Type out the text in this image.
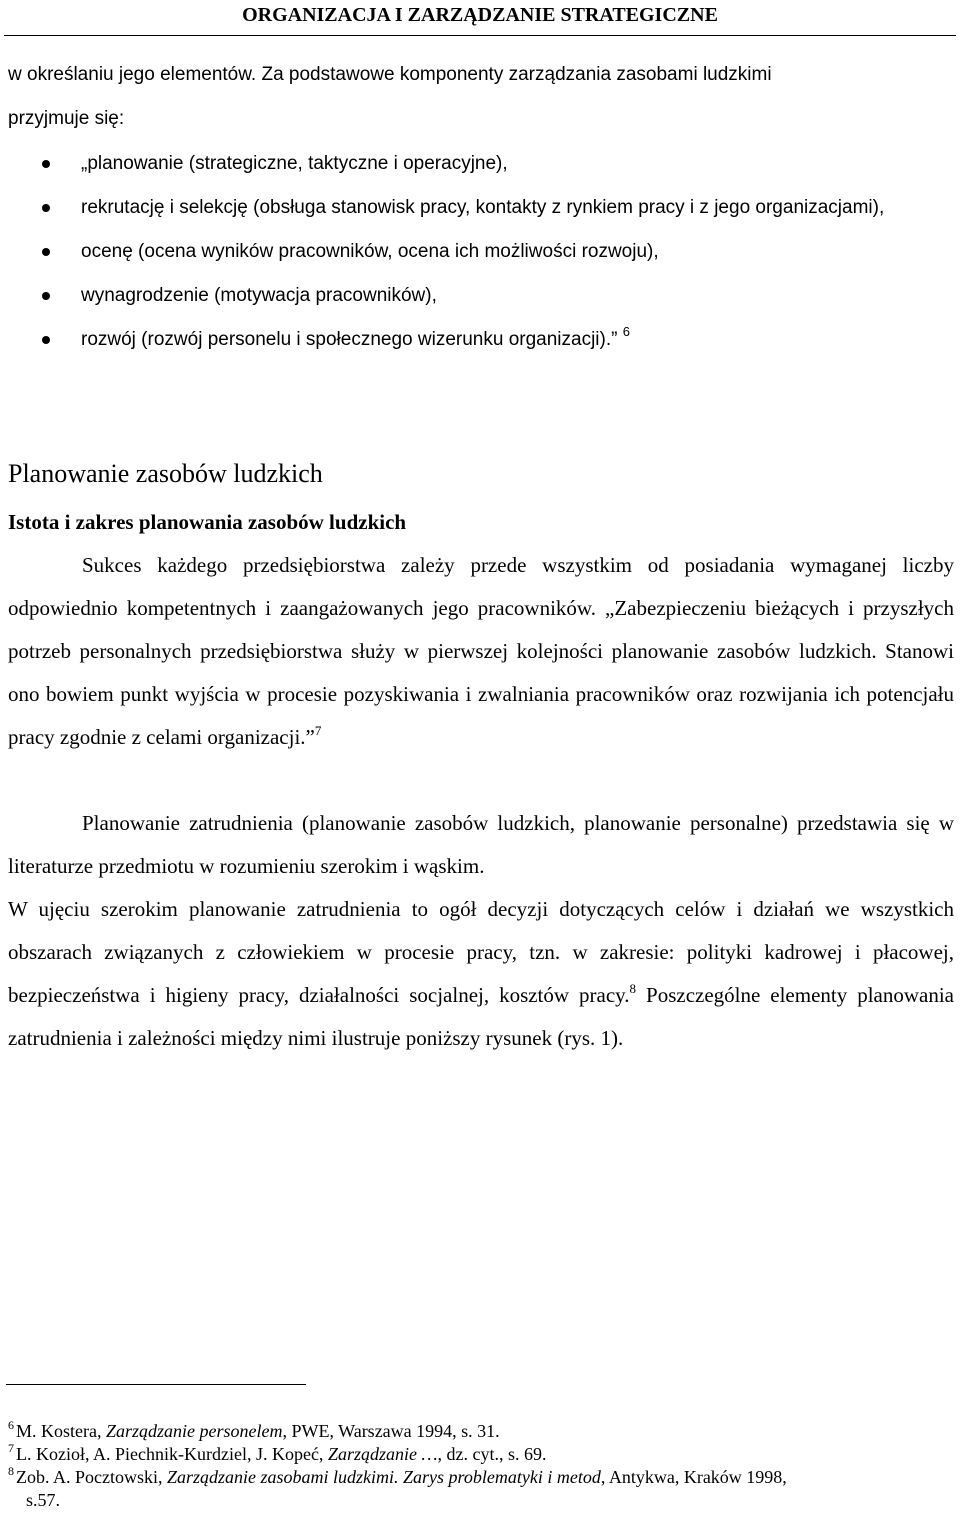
ORGANIZACJA I ZARZĄDZANIE STRATEGICZNE

w określaniu jego elementów. Za podstawowe komponenty zarządzania zasobami ludzkimi

przyjmuje się:

„planowanie (strategiczne, taktyczne i operacyjne),
rekrutację i selekcję (obsługa stanowisk pracy, kontakty z rynkiem pracy i z jego organizacjami),
ocenę (ocena wyników pracowników, ocena ich możliwości rozwoju),
wynagrodzenie (motywacja pracowników),
rozwój (rozwój personelu i społecznego wizerunku organizacji).” $^6$
Planowanie zasobów ludzkich
Istota i zakres planowania zasobów ludzkich

Sukces każdego przedsiębiorstwa zależy przede wszystkim od posiadania wymaganej liczby odpowiednio kompetentnych i zaangażowanych jego pracowników. „Zabezpieczeniu bieżących i przyszłych potrzeb personalnych przedsiębiorstwa służy w pierwszej kolejności planowanie zasobów ludzkich. Stanowi ono bowiem punkt wyjścia w procesie pozyskiwania i zwalniania pracowników oraz rozwijania ich potencjału pracy zgodnie z celami organizacji.”$^7$

Planowanie zatrudnienia (planowanie zasobów ludzkich, planowanie personalne) przedstawia się w literaturze przedmiotu w rozumieniu szerokim i wąskim.

W ujęciu szerokim planowanie zatrudnienia to ogół decyzji dotyczących celów i działań we wszystkich obszarach związanych z człowiekiem w procesie pracy, tzn. w zakresie: polityki kadrowej i płacowej, bezpieczeństwa i higieny pracy, działalności socjalnej, kosztów pracy.$^8$ Poszczególne elementy planowania zatrudnienia i zależności między nimi ilustruje poniższy rysunek (rys. 1).

$^6$ M. Kostera, Zarządzanie personelem, PWE, Warszawa 1994, s. 31.

$^7$ L. Kozioł, A. Piechnik-Kurdziel, J. Kopeć, Zarządzanie …, dz. cyt., s. 69.

$^8$ Zob. A. Pocztowski, Zarządzanie zasobami ludzkimi. Zarys problematyki i metod, Antykwa, Kraków 1998,

s.57.
